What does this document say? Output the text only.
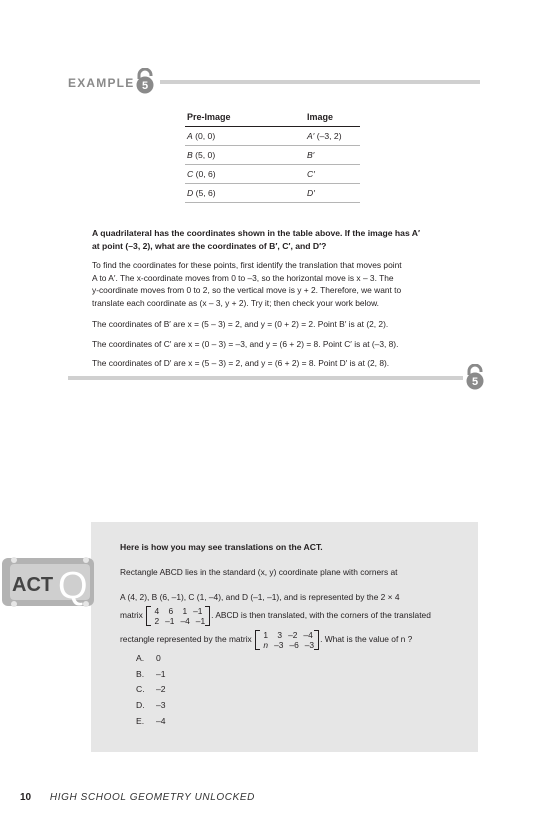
EXAMPLE 5
Pre-Image	Image
A (0, 0)	A′ (–3, 2)
B (5, 0)	B′
C (0, 6)	C′
D (5, 6)	D′
A quadrilateral has the coordinates shown in the table above. If the image has A′
at point (–3, 2), what are the coordinates of B′, C′, and D′?
To find the coordinates for these points, first identify the translation that moves point
A to A′. The x-coordinate moves from 0 to –3, so the horizontal move is x – 3. The
y-coordinate moves from 0 to 2, so the vertical move is y + 2. Therefore, we want to
translate each coordinate as (x – 3, y + 2). Try it; then check your work below.
The coordinates of B′ are x = (5 – 3) = 2, and y = (0 + 2) = 2. Point B′ is at (2, 2).
The coordinates of C′ are x = (0 – 3) = –3, and y = (6 + 2) = 8. Point C′ is at (–3, 8).
The coordinates of D′ are x = (5 – 3) = 2, and y = (6 + 2) = 8. Point D′ is at (2, 8).
5
ACT Q
Here is how you may see translations on the ACT.
Rectangle ABCD lies in the standard (x, y) coordinate plane with corners at
A (4, 2), B (6, –1), C (1, –4), and D (–1, –1), and is represented by the 2 × 4
matrix	4	6	1 –1
2 –1 –4 –1
. ABCD is then translated, with the corners of the translated
rectangle represented by the matrix	1	3 –2 –4
n –3 –6 –3
. What is the value of n ?
A.	0
B.	–1
C.	–2
D.	–3
E.	–4
10 HIGH SCHOOL GEOMETRY UNLOCKED
